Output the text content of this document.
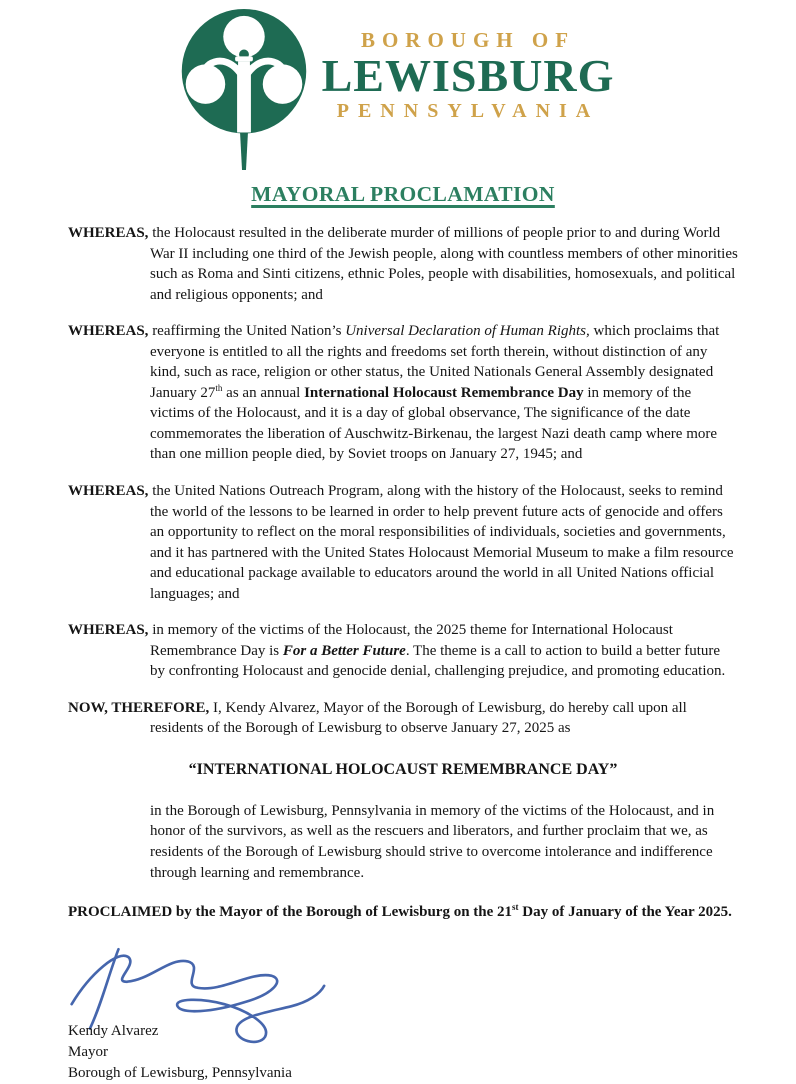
BOROUGH OF
LEWISBURG
PENNSYLVANIA
MAYORAL PROCLAMATION
WHEREAS, the Holocaust resulted in the deliberate murder of millions of people prior to and during World War II including one third of the Jewish people, along with countless members of other minorities such as Roma and Sinti citizens, ethnic Poles, people with disabilities, homosexuals, and political and religious opponents; and
WHEREAS, reaffirming the United Nation’s Universal Declaration of Human Rights, which proclaims that everyone is entitled to all the rights and freedoms set forth therein, without distinction of any kind, such as race, religion or other status, the United Nationals General Assembly designated January 27th as an annual International Holocaust Remembrance Day in memory of the victims of the Holocaust, and it is a day of global observance, The significance of the date commemorates the liberation of Auschwitz-Birkenau, the largest Nazi death camp where more than one million people died, by Soviet troops on January 27, 1945; and
WHEREAS, the United Nations Outreach Program, along with the history of the Holocaust, seeks to remind the world of the lessons to be learned in order to help prevent future acts of genocide and offers an opportunity to reflect on the moral responsibilities of individuals, societies and governments, and it has partnered with the United States Holocaust Memorial Museum to make a film resource and educational package available to educators around the world in all United Nations official languages; and
WHEREAS, in memory of the victims of the Holocaust, the 2025 theme for International Holocaust Remembrance Day is For a Better Future. The theme is a call to action to build a better future by confronting Holocaust and genocide denial, challenging prejudice, and promoting education.
NOW, THEREFORE, I, Kendy Alvarez, Mayor of the Borough of Lewisburg, do hereby call upon all residents of the Borough of Lewisburg to observe January 27, 2025 as
“INTERNATIONAL HOLOCAUST REMEMBRANCE DAY”
in the Borough of Lewisburg, Pennsylvania in memory of the victims of the Holocaust, and in honor of the survivors, as well as the rescuers and liberators, and further proclaim that we, as residents of the Borough of Lewisburg should strive to overcome intolerance and indifference through learning and remembrance.
PROCLAIMED by the Mayor of the Borough of Lewisburg on the 21st Day of January of the Year 2025.
Kendy Alvarez
Mayor
Borough of Lewisburg, Pennsylvania
